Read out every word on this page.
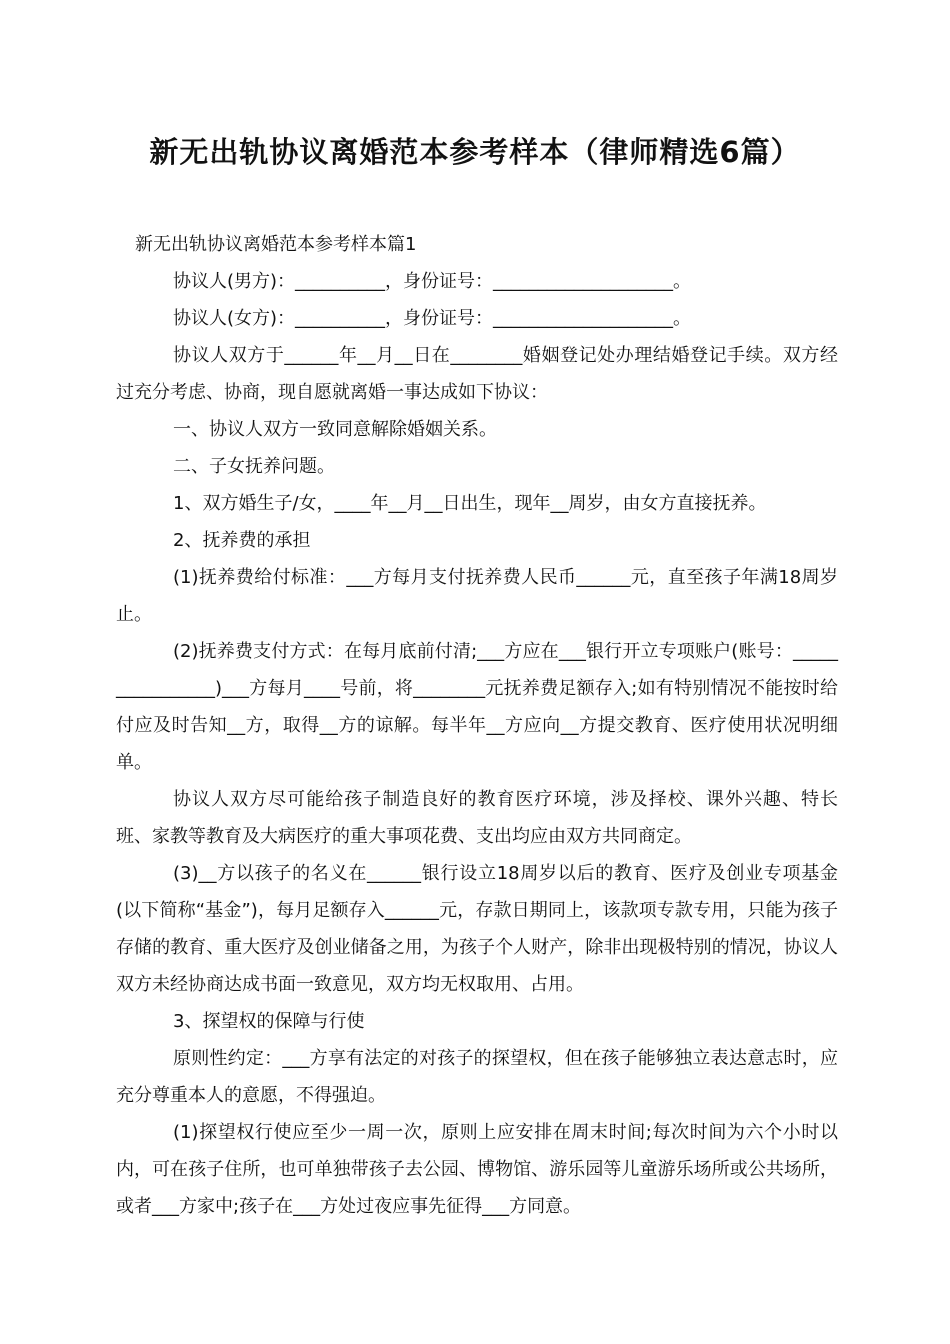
新无出轨协议离婚范本参考样本（律师精选6篇）

新无出轨协议离婚范本参考样本篇1

协议人(男方)：__________，身份证号：____________________。

协议人(女方)：__________，身份证号：____________________。

协议人双方于______年__月__日在________婚姻登记处办理结婚登记手续。双方经过充分考虑、协商，现自愿就离婚一事达成如下协议：

一、协议人双方一致同意解除婚姻关系。

二、子女抚养问题。

1、双方婚生子/女，____年__月__日出生，现年__周岁，由女方直接抚养。

2、抚养费的承担

(1)抚养费给付标准：___方每月支付抚养费人民币______元，直至孩子年满18周岁止。

(2)抚养费支付方式：在每月底前付清;___方应在___银行开立专项账户(账号：________________)___方每月____号前，将________元抚养费足额存入;如有特别情况不能按时给付应及时告知__方，取得__方的谅解。每半年__方应向__方提交教育、医疗使用状况明细单。

协议人双方尽可能给孩子制造良好的教育医疗环境，涉及择校、课外兴趣、特长班、家教等教育及大病医疗的重大事项花费、支出均应由双方共同商定。

(3)__方以孩子的名义在______银行设立18周岁以后的教育、医疗及创业专项基金(以下简称“基金”)，每月足额存入______元，存款日期同上，该款项专款专用，只能为孩子存储的教育、重大医疗及创业储备之用，为孩子个人财产，除非出现极特别的情况，协议人双方未经协商达成书面一致意见，双方均无权取用、占用。

3、探望权的保障与行使

原则性约定：___方享有法定的对孩子的探望权，但在孩子能够独立表达意志时，应充分尊重本人的意愿，不得强迫。

(1)探望权行使应至少一周一次，原则上应安排在周末时间;每次时间为六个小时以内，可在孩子住所，也可单独带孩子去公园、博物馆、游乐园等儿童游乐场所或公共场所，或者___方家中;孩子在___方处过夜应事先征得___方同意。
